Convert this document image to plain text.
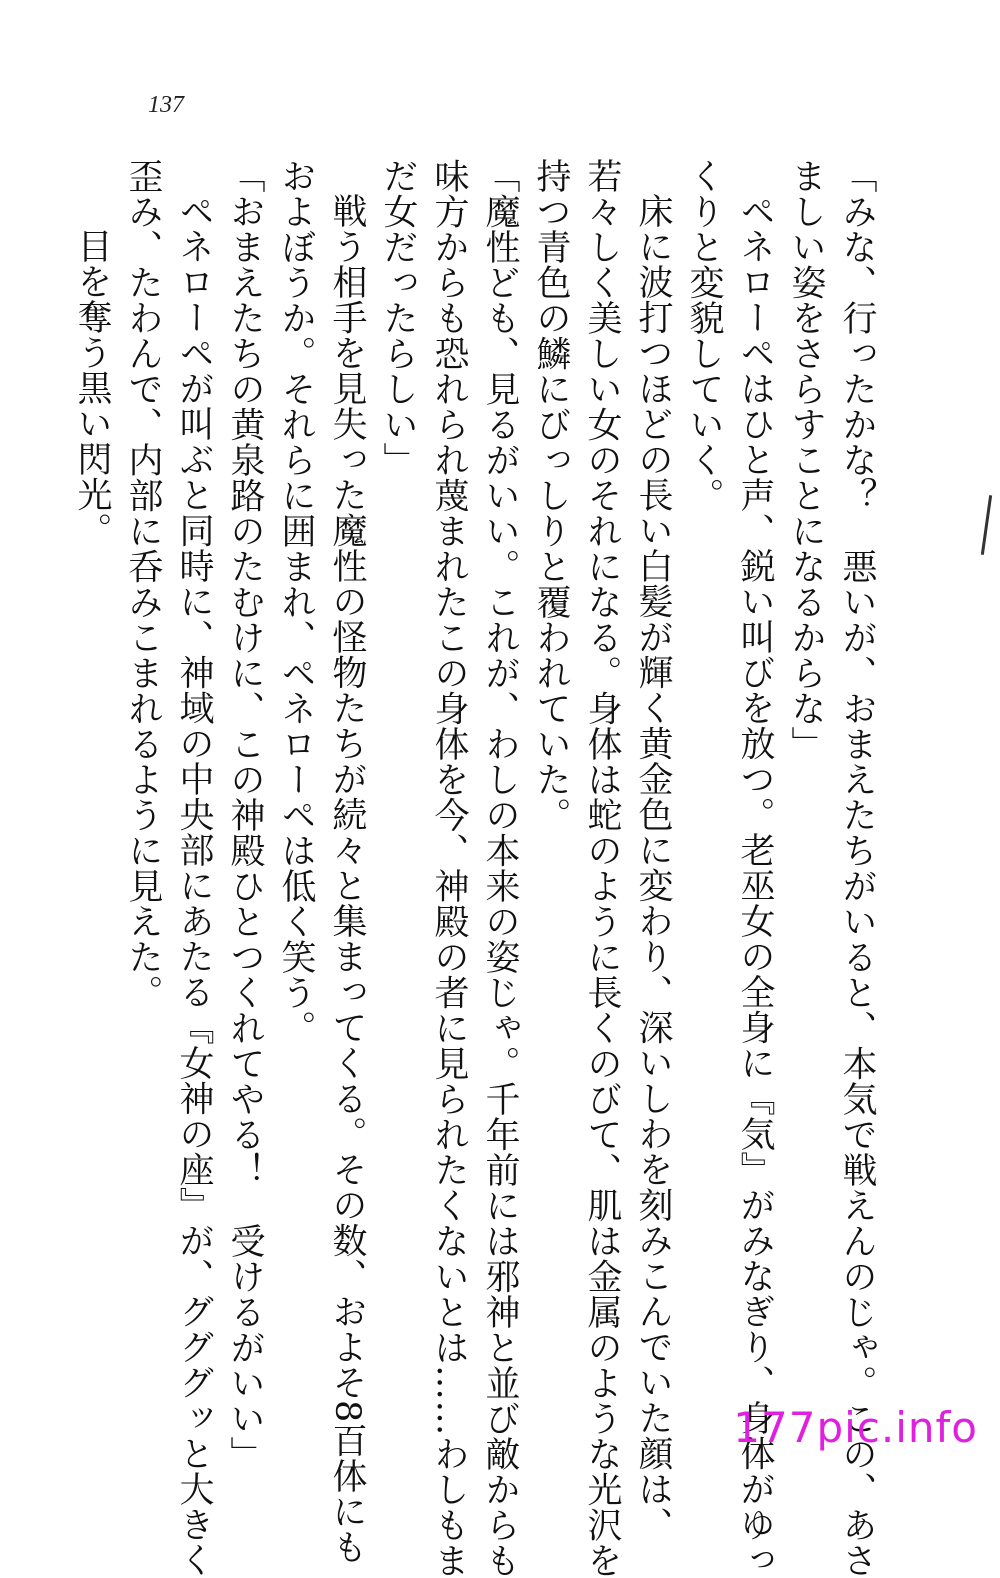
137
「みな、行ったかな？　悪いが、おまえたちがいると、本気で戦えんのじゃ。この、あさ
ましい姿をさらすことになるからな」
ペネローペはひと声、鋭い叫びを放つ。老巫女の全身に『気』がみなぎり、身体がゆっ
くりと変貌していく。
床に波打つほどの長い白髪が輝く黄金色に変わり、深いしわを刻みこんでいた顔は、
若々しく美しい女のそれになる。身体は蛇のように長くのびて、肌は金属のような光沢を
持つ青色の鱗にびっしりと覆われていた。
「魔性ども、見るがいい。これが、わしの本来の姿じゃ。千年前には邪神と並び敵からも
味方からも恐れられ蔑まれたこの身体を今、神殿の者に見られたくないとは……わしもま
だ女だったらしい」
戦う相手を見失った魔性の怪物たちが続々と集まってくる。その数、およそ8百体にも
およぼうか。それらに囲まれ、ペネローペは低く笑う。
「おまえたちの黄泉路のたむけに、この神殿ひとつくれてやる！　受けるがいい」
ペネローペが叫ぶと同時に、神域の中央部にあたる『女神の座』が、グググッと大きく
歪み、たわんで、内部に呑みこまれるように見えた。
目を奪う黒い閃光。
177pic.info
